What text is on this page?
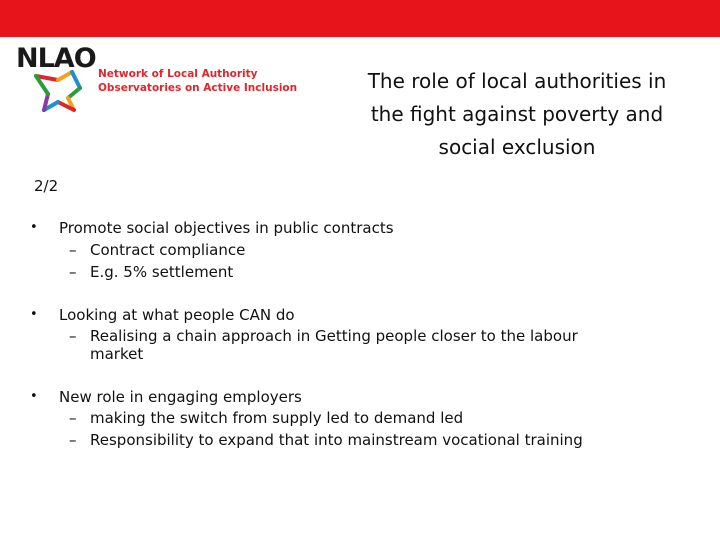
NLAO Network of Local Authority
Observatories on Active Inclusion	The role of local authorities in
the fight against poverty and
social exclusion
2/2
• Promote social objectives in public contracts
– Contract compliance
– E.g. 5% settlement
• Looking at what people CAN do
– Realising a chain approach in Getting people closer to the labour
market
• New role in engaging employers
– making the switch from supply led to demand led
– Responsibility to expand that into mainstream vocational training
